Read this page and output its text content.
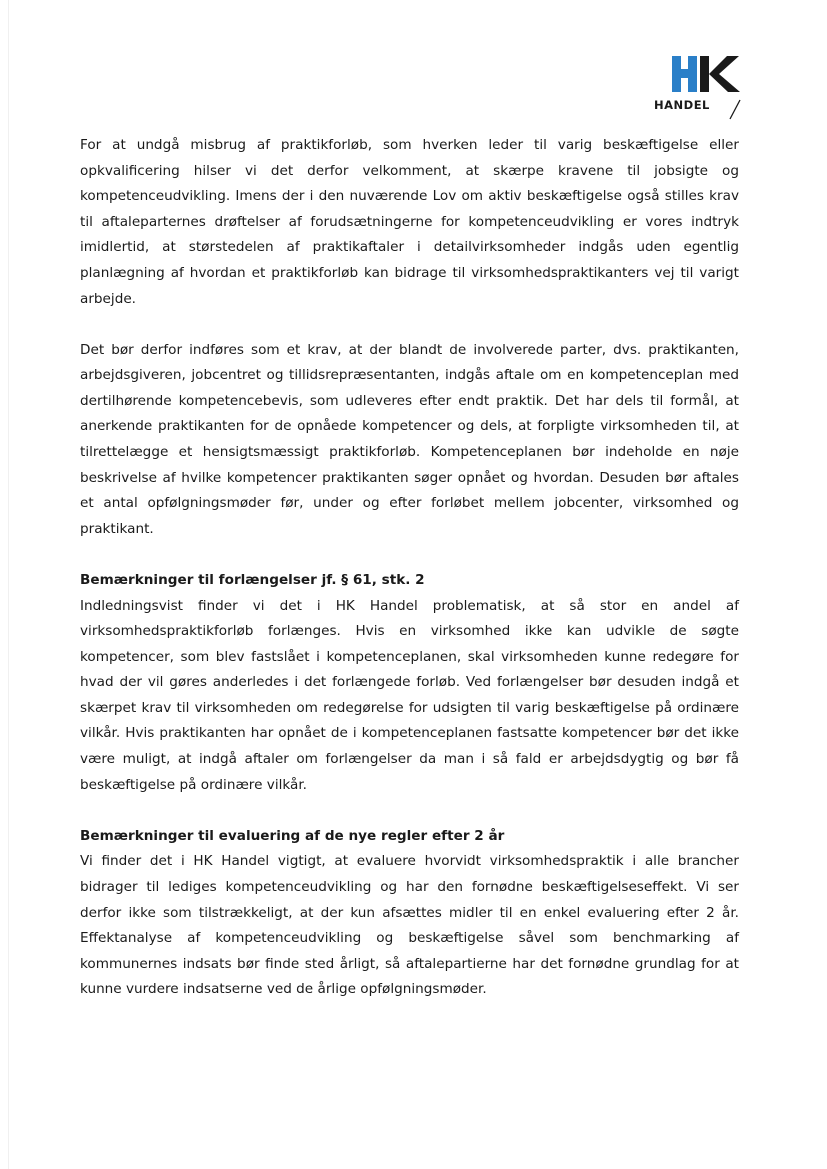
HANDEL

For at undgå misbrug af praktikforløb, som hverken leder til varig beskæftigelse eller opkvalificering hilser vi det derfor velkomment, at skærpe kravene til jobsigte og kompetenceudvikling. Imens der i den nuværende Lov om aktiv beskæftigelse også stilles krav til aftaleparternes drøftelser af forudsætningerne for kompetenceudvikling er vores indtryk imidlertid, at størstedelen af praktikaftaler i detailvirksomheder indgås uden egentlig planlægning af hvordan et praktikforløb kan bidrage til virksomhedspraktikanters vej til varigt arbejde.

Det bør derfor indføres som et krav, at der blandt de involverede parter, dvs. praktikanten, arbejdsgiveren, jobcentret og tillidsrepræsentanten, indgås aftale om en kompetenceplan med dertilhørende kompetencebevis, som udleveres efter endt praktik. Det har dels til formål, at anerkende praktikanten for de opnåede kompetencer og dels, at forpligte virksomheden til, at tilrettelægge et hensigtsmæssigt praktikforløb. Kompetenceplanen bør indeholde en nøje beskrivelse af hvilke kompetencer praktikanten søger opnået og hvordan. Desuden bør aftales et antal opfølgningsmøder før, under og efter forløbet mellem jobcenter, virksomhed og praktikant.

Bemærkninger til forlængelser jf. § 61, stk. 2

Indledningsvist finder vi det i HK Handel problematisk, at så stor en andel af virksomhedspraktikforløb forlænges. Hvis en virksomhed ikke kan udvikle de søgte kompetencer, som blev fastslået i kompetenceplanen, skal virksomheden kunne redegøre for hvad der vil gøres anderledes i det forlængede forløb. Ved forlængelser bør desuden indgå et skærpet krav til virksomheden om redegørelse for udsigten til varig beskæftigelse på ordinære vilkår. Hvis praktikanten har opnået de i kompetenceplanen fastsatte kompetencer bør det ikke være muligt, at indgå aftaler om forlængelser da man i så fald er arbejdsdygtig og bør få beskæftigelse på ordinære vilkår.

Bemærkninger til evaluering af de nye regler efter 2 år

Vi finder det i HK Handel vigtigt, at evaluere hvorvidt virksomhedspraktik i alle brancher bidrager til lediges kompetenceudvikling og har den fornødne beskæftigelseseffekt. Vi ser derfor ikke som tilstrækkeligt, at der kun afsættes midler til en enkel evaluering efter 2 år. Effektanalyse af kompetenceudvikling og beskæftigelse såvel som benchmarking af kommunernes indsats bør finde sted årligt, så aftalepartierne har det fornødne grundlag for at kunne vurdere indsatserne ved de årlige opfølgningsmøder.
